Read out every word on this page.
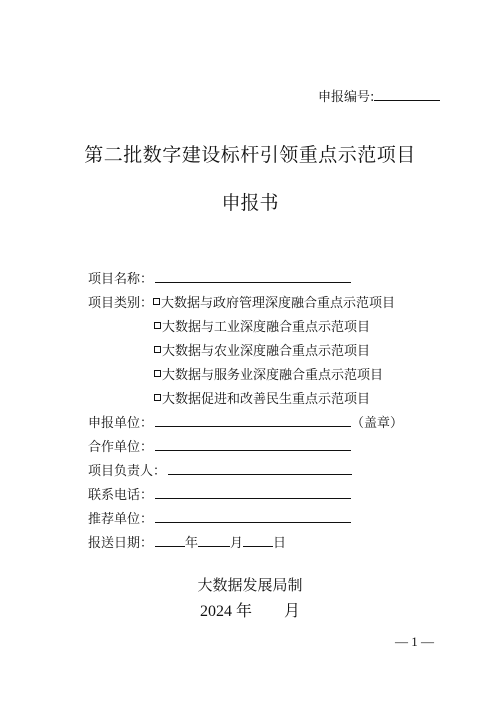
申报编号:
第二批数字建设标杆引领重点示范项目
申报书
项目名称：
项目类别： 大数据与政府管理深度融合重点示范项目
大数据与工业深度融合重点示范项目
大数据与农业深度融合重点示范项目
大数据与服务业深度融合重点示范项目
大数据促进和改善民生重点示范项目
申报单位：	（盖章）
合作单位：
项目负责人：
联系电话：
推荐单位：
报送日期： 年 月 日
大数据发展局制
2024 年　　月
— 1 —
